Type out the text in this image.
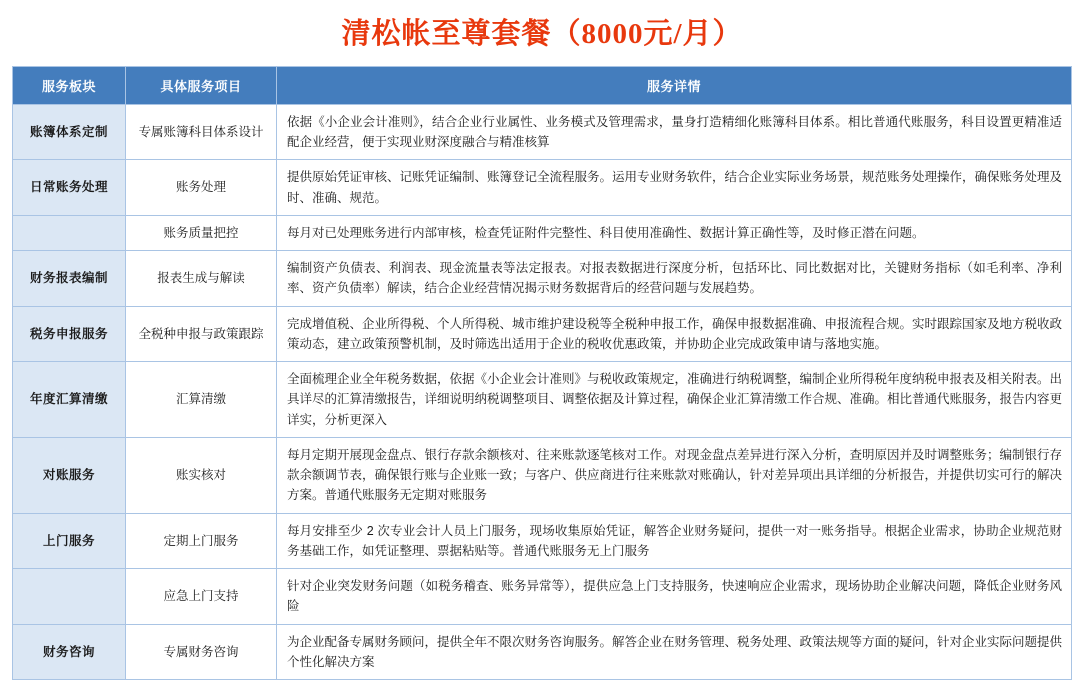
清松帐至尊套餐（8000元/月）
服务板块	具体服务项目	服务详情
账簿体系定制	专属账簿科目体系设计	依据《小企业会计准则》，结合企业行业属性、业务模式及管理需求，量身打造精细化账簿科目体系。相比普通代账服务，科目设置更精准适配企业经营，便于实现业财深度融合与精准核算
日常账务处理	账务处理	提供原始凭证审核、记账凭证编制、账簿登记全流程服务。运用专业财务软件，结合企业实际业务场景，规范账务处理操作，确保账务处理及时、准确、规范。
	账务质量把控	每月对已处理账务进行内部审核，检查凭证附件完整性、科目使用准确性、数据计算正确性等，及时修正潜在问题。
财务报表编制	报表生成与解读	编制资产负债表、利润表、现金流量表等法定报表。对报表数据进行深度分析，包括环比、同比数据对比，关键财务指标（如毛利率、净利率、资产负债率）解读，结合企业经营情况揭示财务数据背后的经营问题与发展趋势。
税务申报服务	全税种申报与政策跟踪	完成增值税、企业所得税、个人所得税、城市维护建设税等全税种申报工作，确保申报数据准确、申报流程合规。实时跟踪国家及地方税收政策动态，建立政策预警机制，及时筛选出适用于企业的税收优惠政策，并协助企业完成政策申请与落地实施。
年度汇算清缴	汇算清缴	全面梳理企业全年税务数据，依据《小企业会计准则》与税收政策规定，准确进行纳税调整，编制企业所得税年度纳税申报表及相关附表。出具详尽的汇算清缴报告，详细说明纳税调整项目、调整依据及计算过程，确保企业汇算清缴工作合规、准确。相比普通代账服务，报告内容更详实，分析更深入
对账服务	账实核对	每月定期开展现金盘点、银行存款余额核对、往来账款逐笔核对工作。对现金盘点差异进行深入分析，查明原因并及时调整账务；编制银行存款余额调节表，确保银行账与企业账一致；与客户、供应商进行往来账款对账确认，针对差异项出具详细的分析报告，并提供切实可行的解决方案。普通代账服务无定期对账服务
上门服务	定期上门服务	每月安排至少 2 次专业会计人员上门服务，现场收集原始凭证，解答企业财务疑问，提供一对一账务指导。根据企业需求，协助企业规范财务基础工作，如凭证整理、票据粘贴等。普通代账服务无上门服务
	应急上门支持	针对企业突发财务问题（如税务稽查、账务异常等），提供应急上门支持服务，快速响应企业需求，现场协助企业解决问题，降低企业财务风险
财务咨询	专属财务咨询	为企业配备专属财务顾问，提供全年不限次财务咨询服务。解答企业在财务管理、税务处理、政策法规等方面的疑问，针对企业实际问题提供个性化解决方案
